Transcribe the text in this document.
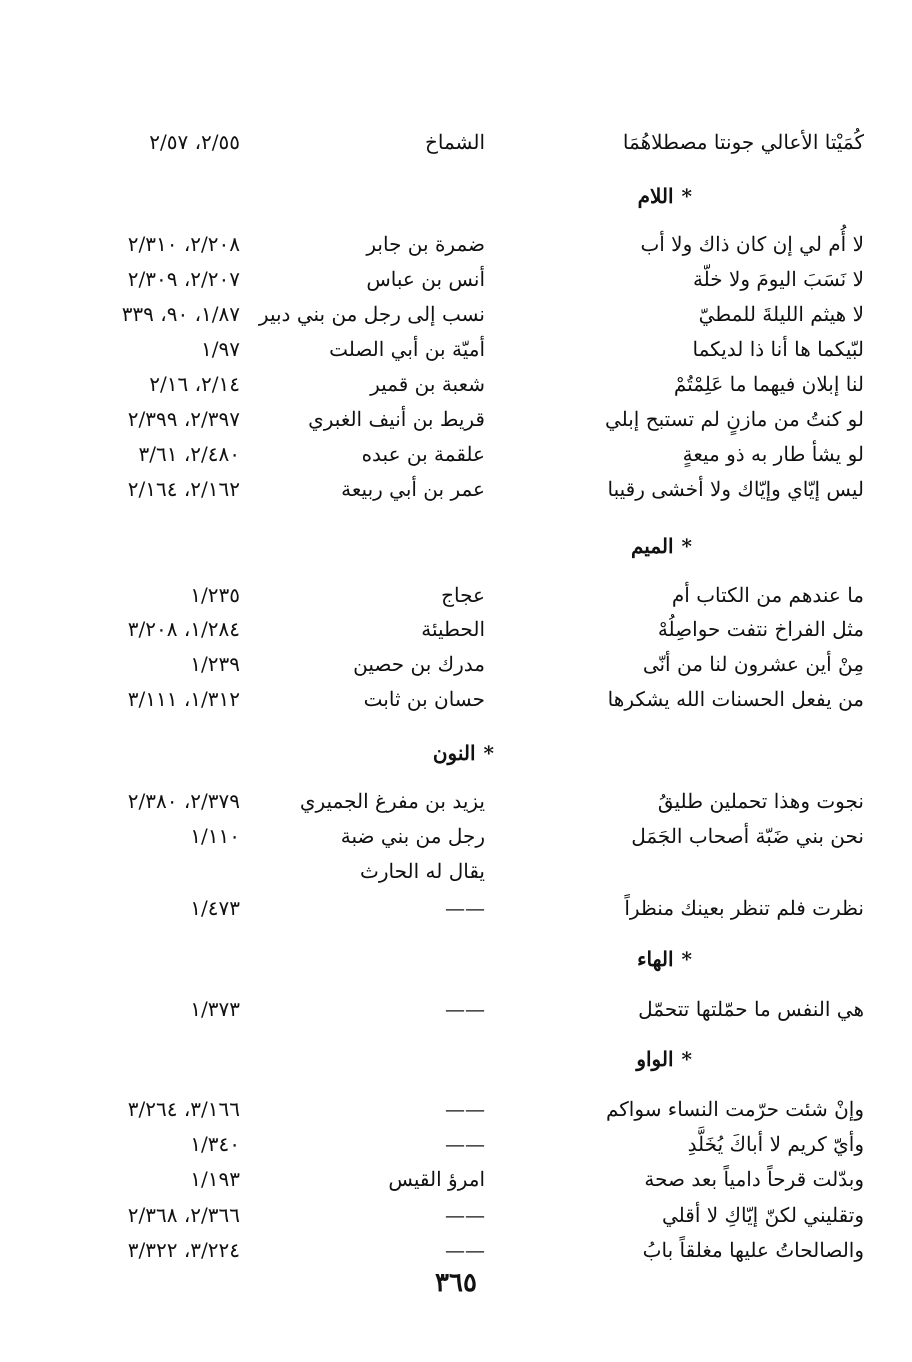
كُمَيْتا الأعالي جونتا مصطلاهُمَا
الشماخ
٢/٥٥، ٢/٥٧
*اللام
لا أُم لي إن كان ذاك ولا أب
ضمرة بن جابر
٢/٢٠٨، ٢/٣١٠
لا نَسَبَ اليومَ ولا خلّة
أنس بن عباس
٢/٢٠٧، ٢/٣٠٩
لا هيثم الليلةَ للمطيّ
نسب إلى رجل من بني دبير
١/٨٧، ٩٠، ٣٣٩
لبّيكما ها أنا ذا لديكما
أميّة بن أبي الصلت
١/٩٧
لنا إبلان فيهما ما عَلِمْتُمْ
شعبة بن قمير
٢/١٤، ٢/١٦
لو كنتُ من مازنٍ لم تستبح إبلي
قريط بن أنيف الغبري
٢/٣٩٧، ٢/٣٩٩
لو يشأ طار به ذو ميعةٍ
علقمة بن عبده
٢/٤٨٠، ٣/٦١
ليس إيّاي وإيّاك ولا أخشى رقيبا
عمر بن أبي ربيعة
٢/١٦٢، ٢/١٦٤
*الميم
ما عندهم من الكتاب أم
عجاج
١/٢٣٥
مثل الفراخ نتفت حواصِلُهْ
الحطيئة
١/٢٨٤، ٣/٢٠٨
مِنْ أين عشرون لنا من أنّى
مدرك بن حصين
١/٢٣٩
من يفعل الحسنات الله يشكرها
حسان بن ثابت
١/٣١٢، ٣/١١١
*النون
نجوت وهذا تحملين طليقُ
يزيد بن مفرغ الجميري
٢/٣٧٩، ٢/٣٨٠
نحن بني ضَبّة أصحاب الجَمَل
رجل من بني ضبة
١/١١٠
يقال له الحارث
نظرت فلم تنظر بعينك منظراً
——
١/٤٧٣
*الهاء
هي النفس ما حمّلتها تتحمّل
——
١/٣٧٣
*الواو
وإنْ شئت حرّمت النساء سواكم
——
٣/١٦٦، ٣/٢٦٤
وأيّ كريم لا أباكَ يُخَلَّدِ
——
١/٣٤٠
وبدّلت قرحاً دامياً بعد صحة
امرؤ القيس
١/١٩٣
وتقليني لكنّ إيّاكِ لا أقلي
——
٢/٣٦٦، ٢/٣٦٨
والصالحاتُ عليها مغلقاً بابُ
——
٣/٢٢٤، ٣/٣٢٢
٣٦٥
